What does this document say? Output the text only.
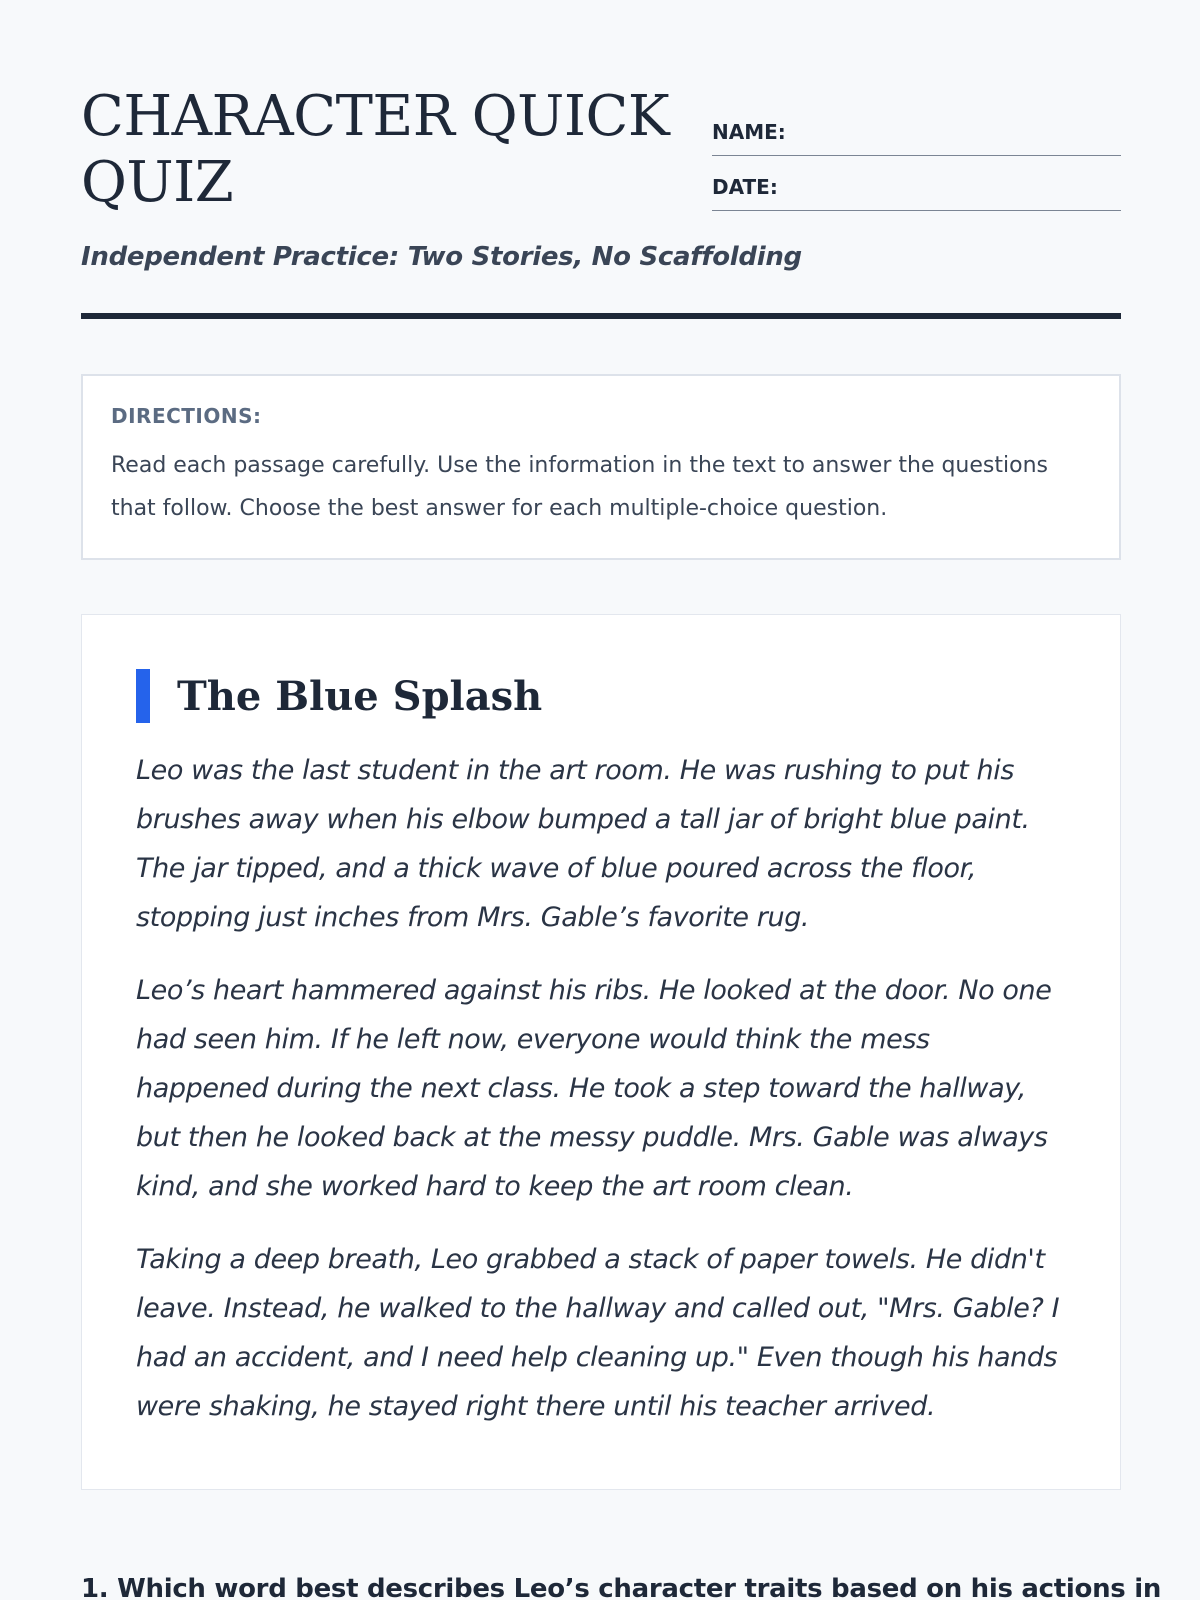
CHARACTER QUICK QUIZ
NAME:
DATE:
Independent Practice: Two Stories, No Scaffolding
DIRECTIONS:
Read each passage carefully. Use the information in the text to answer the questions that follow. Choose the best answer for each multiple-choice question.
The Blue Splash

Leo was the last student in the art room. He was rushing to put his brushes away when his elbow bumped a tall jar of bright blue paint. The jar tipped, and a thick wave of blue poured across the floor, stopping just inches from Mrs. Gable’s favorite rug.

Leo’s heart hammered against his ribs. He looked at the door. No one had seen him. If he left now, everyone would think the mess happened during the next class. He took a step toward the hallway, but then he looked back at the messy puddle. Mrs. Gable was always kind, and she worked hard to keep the art room clean.

Taking a deep breath, Leo grabbed a stack of paper towels. He didn't leave. Instead, he walked to the hallway and called out, "Mrs. Gable? I had an accident, and I need help cleaning up." Even though his hands were shaking, he stayed right there until his teacher arrived.

1. Which word best describes Leo’s character traits based on his actions in
